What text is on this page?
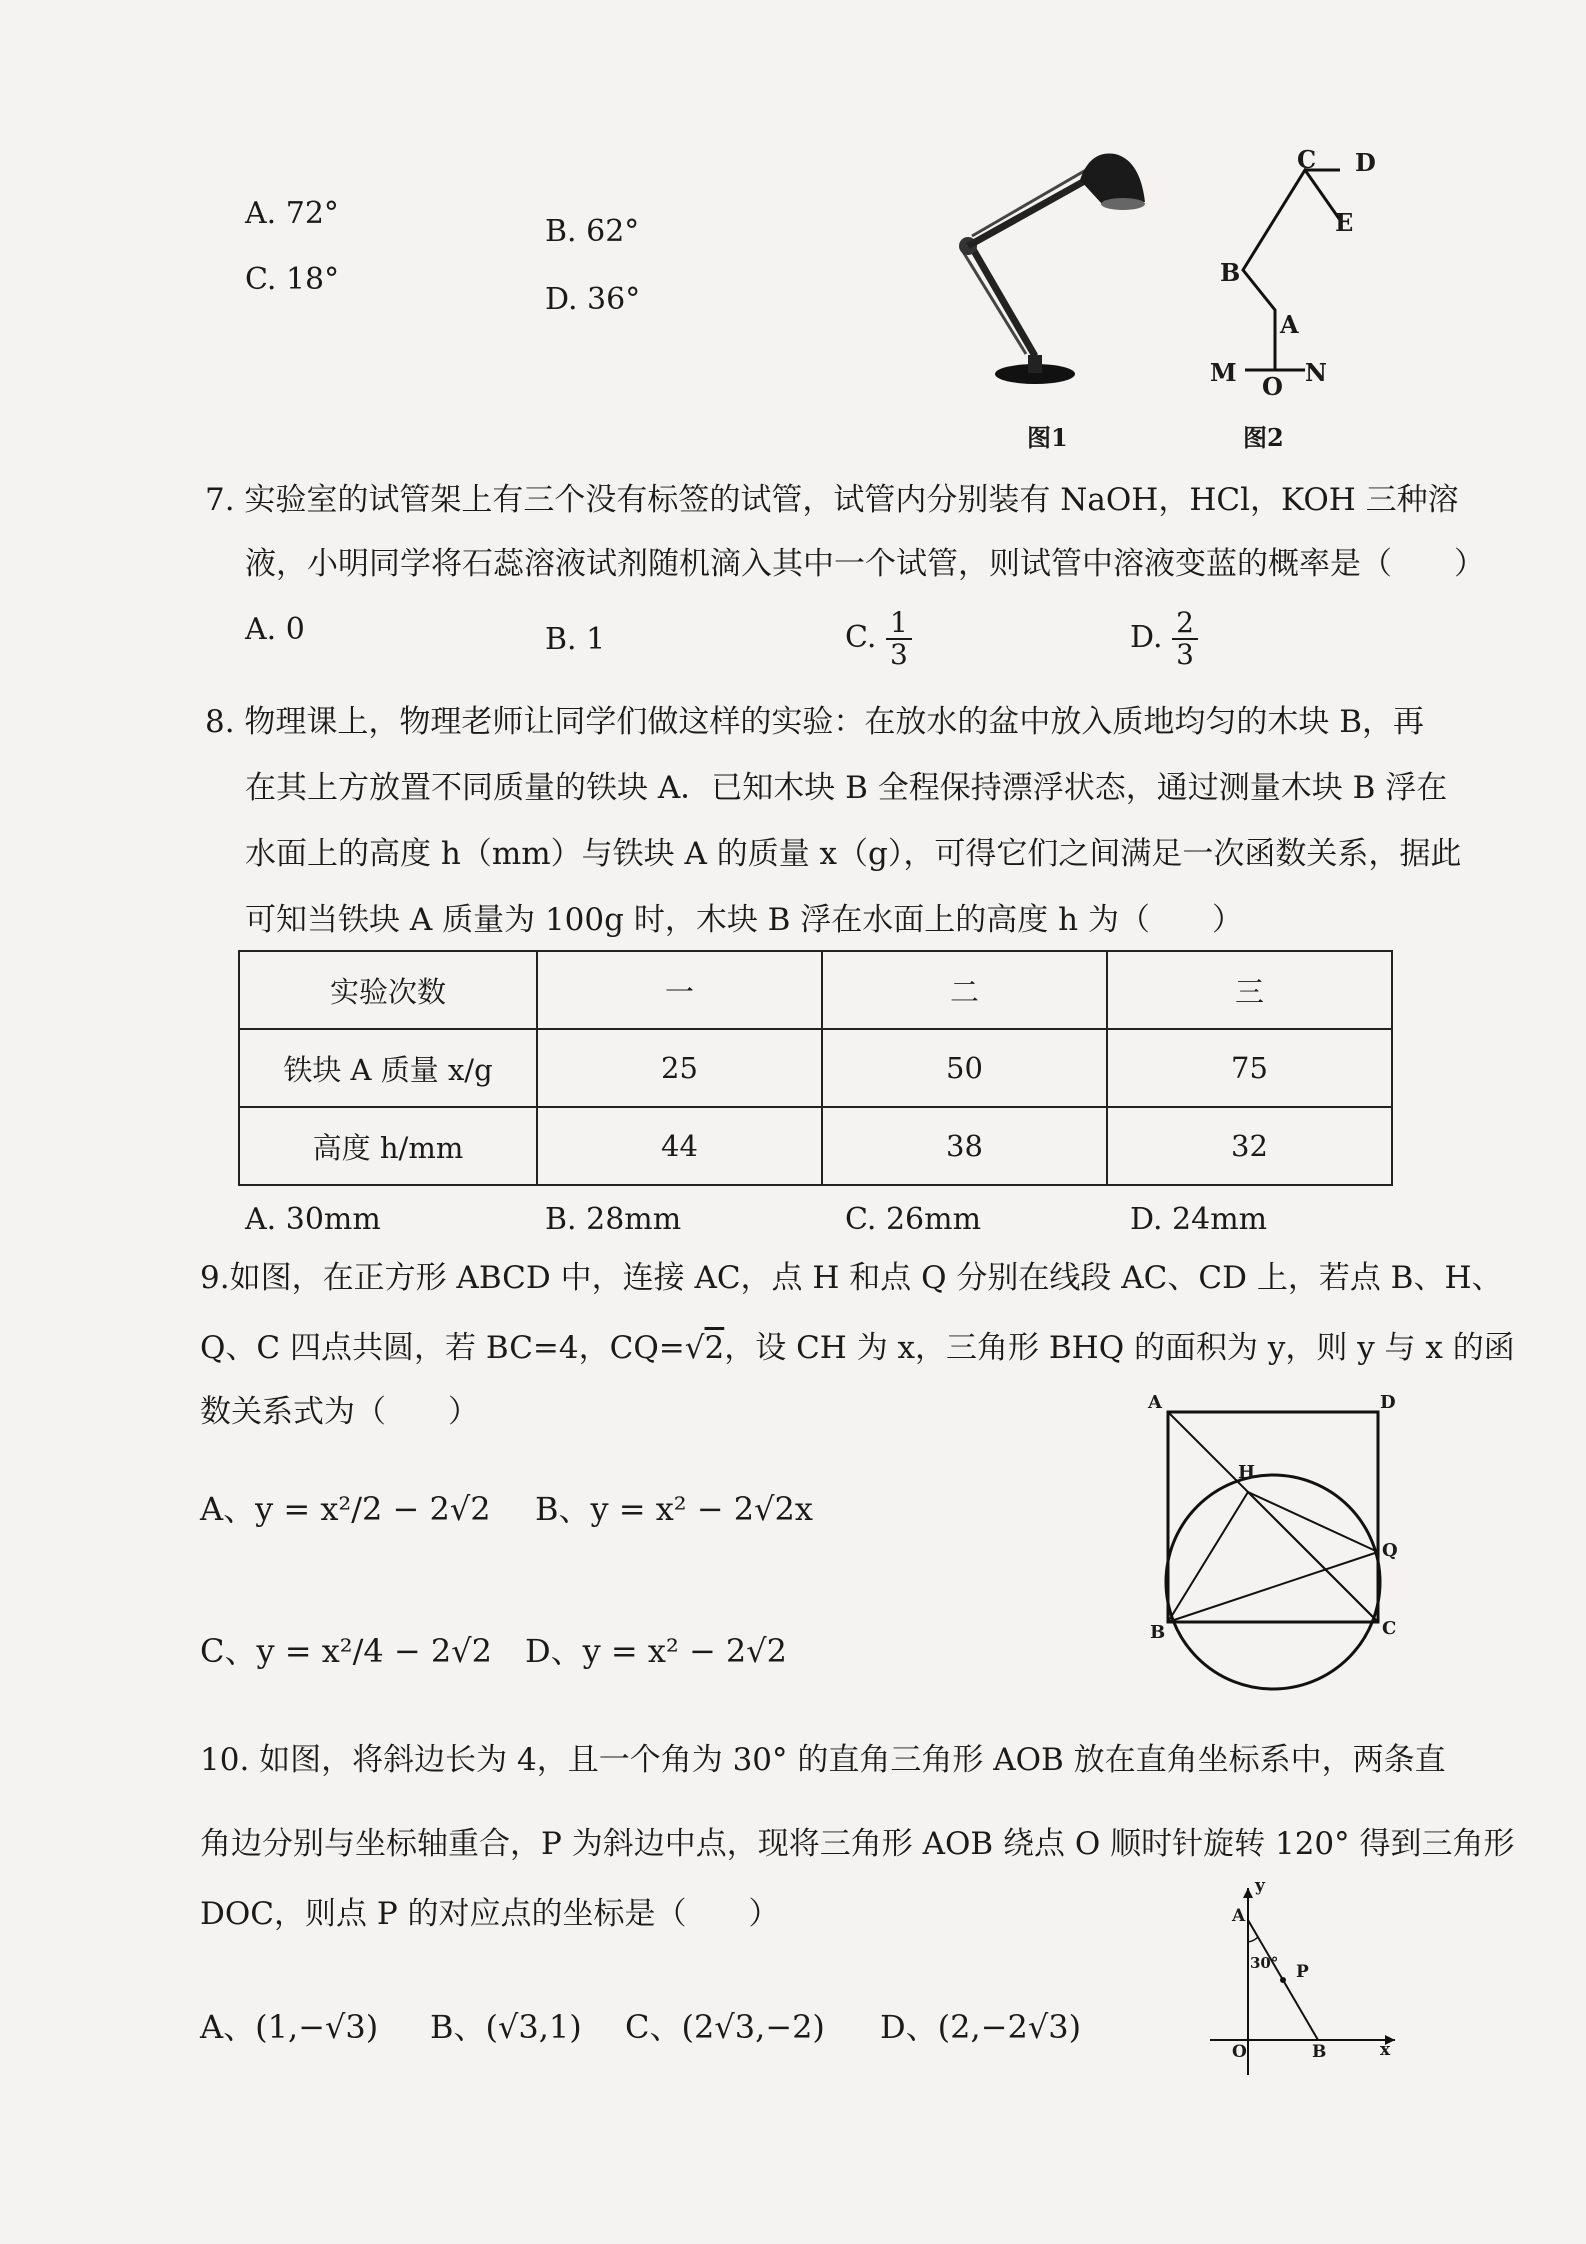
A. 72°
B. 62°
C. 18°
D. 36°
图1
C D
E
B
A
M O N
图2
7. 实验室的试管架上有三个没有标签的试管，试管内分别装有 NaOH，HCl，KOH 三种溶
液，小明同学将石蕊溶液试剂随机滴入其中一个试管，则试管中溶液变蓝的概率是（　　）
A. 0	B. 1	C. $\frac{1}{3}$	D. $\frac{2}{3}$
8. 物理课上，物理老师让同学们做这样的实验：在放水的盆中放入质地均匀的木块 B，再
在其上方放置不同质量的铁块 A．已知木块 B 全程保持漂浮状态，通过测量木块 B 浮在
水面上的高度 h（mm）与铁块 A 的质量 x（g），可得它们之间满足一次函数关系，据此
可知当铁块 A 质量为 100g 时，木块 B 浮在水面上的高度 h 为（　　）
实验次数	一	二	三
铁块 A 质量 x/g	25	50	75
高度 h/mm	44	38	32
A. 30mm	B. 28mm	C. 26mm	D. 24mm
9.如图，在正方形 ABCD 中，连接 AC，点 H 和点 Q 分别在线段 AC、CD 上，若点 B、H、
Q、C 四点共圆，若 BC=4，CQ=√2，设 CH 为 x，三角形 BHQ 的面积为 y，则 y 与 x 的函
数关系式为（　　）
A、y = x²/2 − 2√2 B、y = x² − 2√2x
C、y = x²/4 − 2√2 D、y = x² − 2√2
A	D
H
Q
B	C
10. 如图，将斜边长为 4，且一个角为 30° 的直角三角形 AOB 放在直角坐标系中，两条直
角边分别与坐标轴重合，P 为斜边中点，现将三角形 AOB 绕点 O 顺时针旋转 120° 得到三角形
DOC，则点 P 的对应点的坐标是（　　）
A、(1,−√3) B、(√3,1) C、(2√3,−2) D、(2,−2√3)
y
A
30° P
O	B	x
